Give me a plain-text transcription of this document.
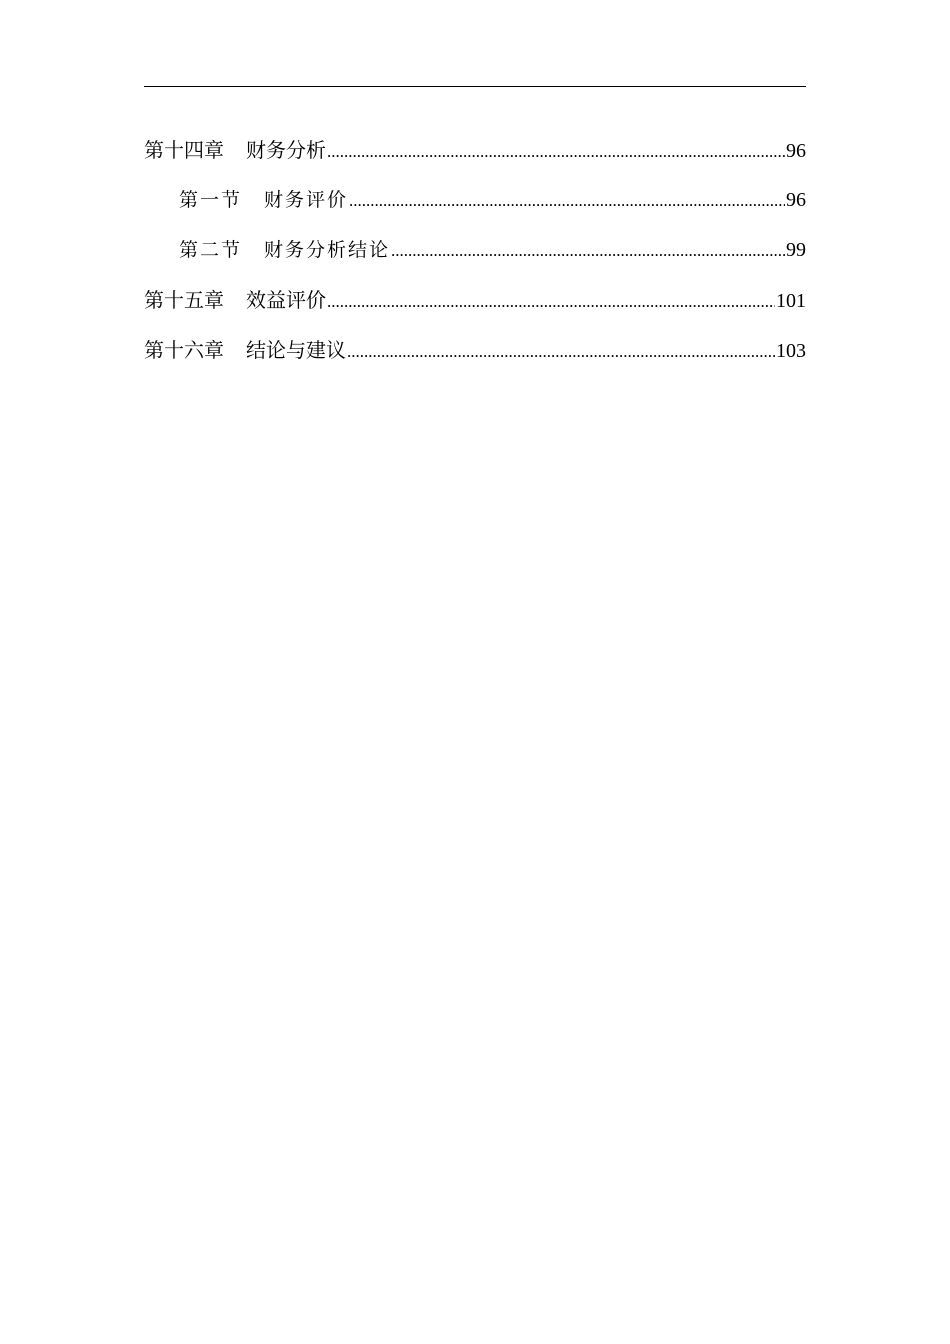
第十四章 财务分析 .....	96
第一节 财务评价 .....	96
第二节 财务分析结论 .....	99
第十五章 效益评价 .....	101
第十六章 结论与建议 .....	103
